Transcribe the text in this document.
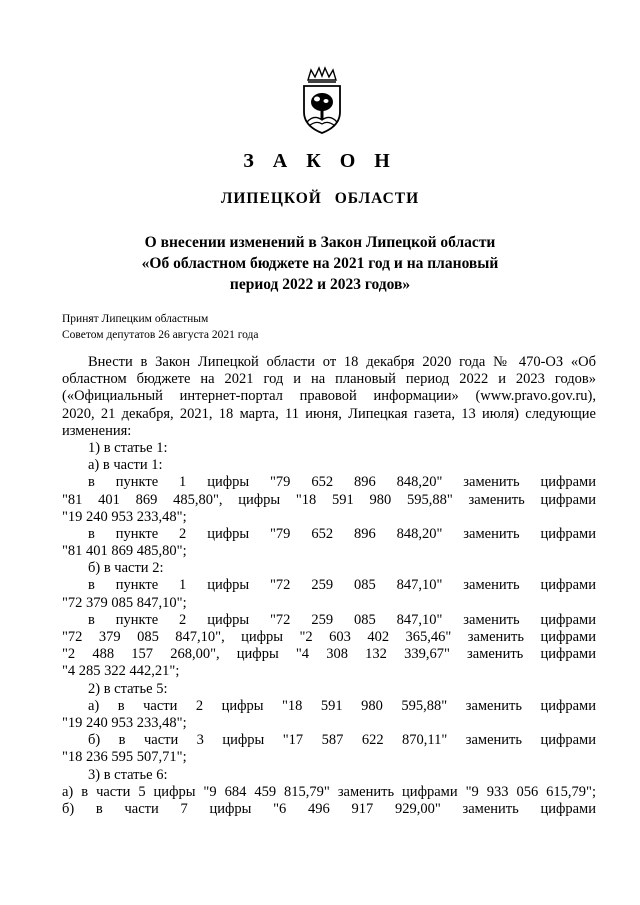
З А К О Н
ЛИПЕЦКОЙ ОБЛАСТИ
О внесении изменений в Закон Липецкой области
«Об областном бюджете на 2021 год и на плановый
период 2022 и 2023 годов»
Принят Липецким областным
Советом депутатов 26 августа 2021 года
Внести в Закон Липецкой области от 18 декабря 2020 года № 470-ОЗ «Об
областном бюджете на 2021 год и на плановый период 2022 и 2023 годов»
(«Официальный интернет-портал правовой информации» (www.pravo.gov.ru),
2020, 21 декабря, 2021, 18 марта, 11 июня, Липецкая газета, 13 июля) следующие
изменения:
1) в статье 1:
а) в части 1:
в пункте 1 цифры "79 652 896 848,20" заменить цифрами
"81 401 869 485,80", цифры "18 591 980 595,88" заменить цифрами
"19 240 953 233,48";
в пункте 2 цифры "79 652 896 848,20" заменить цифрами
"81 401 869 485,80";
б) в части 2:
в пункте 1 цифры "72 259 085 847,10" заменить цифрами
"72 379 085 847,10";
в пункте 2 цифры "72 259 085 847,10" заменить цифрами
"72 379 085 847,10", цифры "2 603 402 365,46" заменить цифрами
"2 488 157 268,00", цифры "4 308 132 339,67" заменить цифрами
"4 285 322 442,21";
2) в статье 5:
а) в части 2 цифры "18 591 980 595,88" заменить цифрами
"19 240 953 233,48";
б) в части 3 цифры "17 587 622 870,11" заменить цифрами
"18 236 595 507,71";
3) в статье 6:
а) в части 5 цифры "9 684 459 815,79" заменить цифрами "9 933 056 615,79";
б) в части 7 цифры "6 496 917 929,00" заменить цифрами
